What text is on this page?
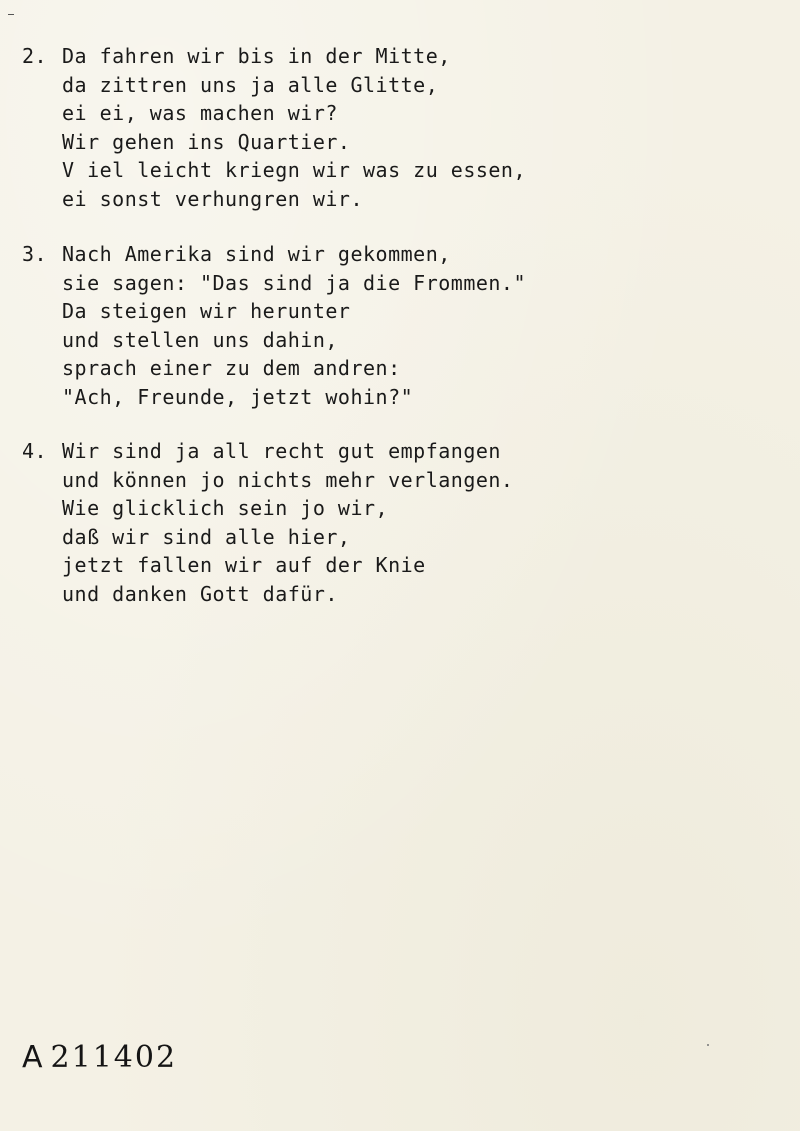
2. Da fahren wir bis in der Mitte,
da zittren uns ja alle Glitte,
ei ei, was machen wir?
Wir gehen ins Quartier.
V iel leicht kriegn wir was zu essen,
ei sonst verhungren wir.
3. Nach Amerika sind wir gekommen,
sie sagen: "Das sind ja die Frommen."
Da steigen wir herunter
und stellen uns dahin,
sprach einer zu dem andren:
"Ach, Freunde, jetzt wohin?"
4. Wir sind ja all recht gut empfangen
und können jo nichts mehr verlangen.
Wie glicklich sein jo wir,
daß wir sind alle hier,
jetzt fallen wir auf der Knie
und danken Gott dafür.
A 211402
